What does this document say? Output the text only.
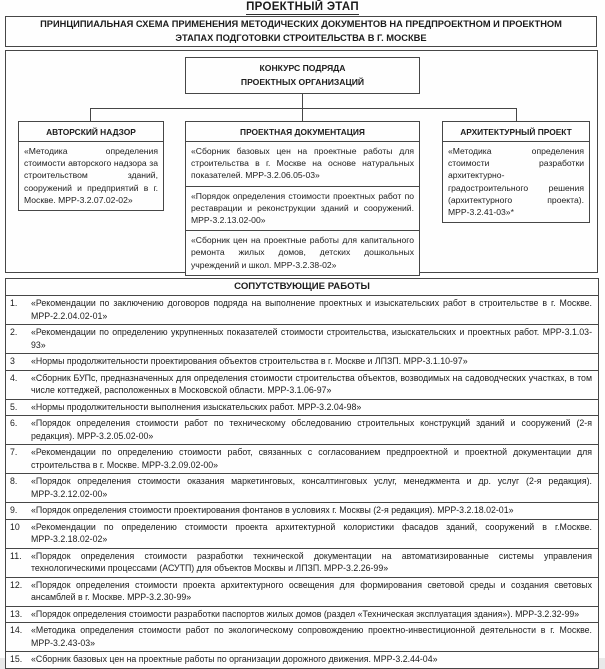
ПРОЕКТНЫЙ ЭТАП
ПРИНЦИПИАЛЬНАЯ СХЕМА ПРИМЕНЕНИЯ МЕТОДИЧЕСКИХ ДОКУМЕНТОВ НА ПРЕДПРОЕКТНОМ И ПРОЕКТНОМ ЭТАПАХ ПОДГОТОВКИ СТРОИТЕЛЬСТВА В Г. МОСКВЕ
КОНКУРС ПОДРЯДА
ПРОЕКТНЫХ ОРГАНИЗАЦИЙ
АВТОРСКИЙ НАДЗОР
«Методика определения стоимости авторского надзора за строительством зданий, сооружений и предприятий в г. Москве. МРР-3.2.07.02-02»
ПРОЕКТНАЯ ДОКУМЕНТАЦИЯ
«Сборник базовых цен на проектные работы для строительства в г. Москве на основе натуральных показателей. МРР-3.2.06.05-03»
«Порядок определения стоимости проектных работ по реставрации и реконструкции зданий и сооружений. МРР-3.2.13.02-00»
«Сборник цен на проектные работы для капитального ремонта жилых домов, детских дошкольных учреждений и школ. МРР-3.2.38-02»
АРХИТЕКТУРНЫЙ ПРОЕКТ
«Методика определения стоимости разработки архитектурно-градостроительного решения (архитектурного проекта). МРР-3.2.41-03»*
СОПУТСТВУЮЩИЕ РАБОТЫ
1.	«Рекомендации по заключению договоров подряда на выполнение проектных и изыскательских работ в строительстве в г. Москве. МРР-2.2.04.02-01»
2.	«Рекомендации по определению укрупненных показателей стоимости строительства, изыскательских и проектных работ. МРР-3.1.03-93»
3	«Нормы продолжительности проектирования объектов строительства в г. Москве и ЛПЗП. МРР-3.1.10-97»
4.	«Сборник БУПс, предназначенных для определения стоимости строительства объектов, возводимых на садоводческих участках, в том числе коттеджей, расположенных в Московской области. МРР-3.1.06-97»
5.	«Нормы продолжительности выполнения изыскательских работ. МРР-3.2.04-98»
6.	«Порядок определения стоимости работ по техническому обследованию строительных конструкций зданий и сооружений (2-я редакция). МРР-3.2.05.02-00»
7.	«Рекомендации по определению стоимости работ, связанных с согласованием предпроектной и проектной документации для строительства в г. Москве. МРР-3.2.09.02-00»
8.	«Порядок определения стоимости оказания маркетинговых, консалтинговых услуг, менеджмента и др. услуг (2-я редакция). МРР-3.2.12.02-00»
9.	«Порядок определения стоимости проектирования фонтанов в условиях г. Москвы (2-я редакция). МРР-3.2.18.02-01»
10	«Рекомендации по определению стоимости проекта архитектурной колористики фасадов зданий, сооружений в г.Москве. МРР-3.2.18.02-02»
11.	«Порядок определения стоимости разработки технической документации на автоматизированные системы управления технологическими процессами (АСУТП) для объектов Москвы и ЛПЗП. МРР-3.2.26-99»
12. «Порядок определения стоимости проекта архитектурного освещения для формирования световой среды и создания световых ансамблей в г. Москве. МРР-3.2.30-99»
13. «Порядок определения стоимости разработки паспортов жилых домов (раздел «Техническая эксплуатация здания»). МРР-3.2.32-99»
14. «Методика определения стоимости работ по экологическому сопровождению проектно-инвестиционной деятельности в г. Москве. МРР-3.2.43-03»
15. «Сборник базовых цен на проектные работы по организации дорожного движения. МРР-3.2.44-04»
